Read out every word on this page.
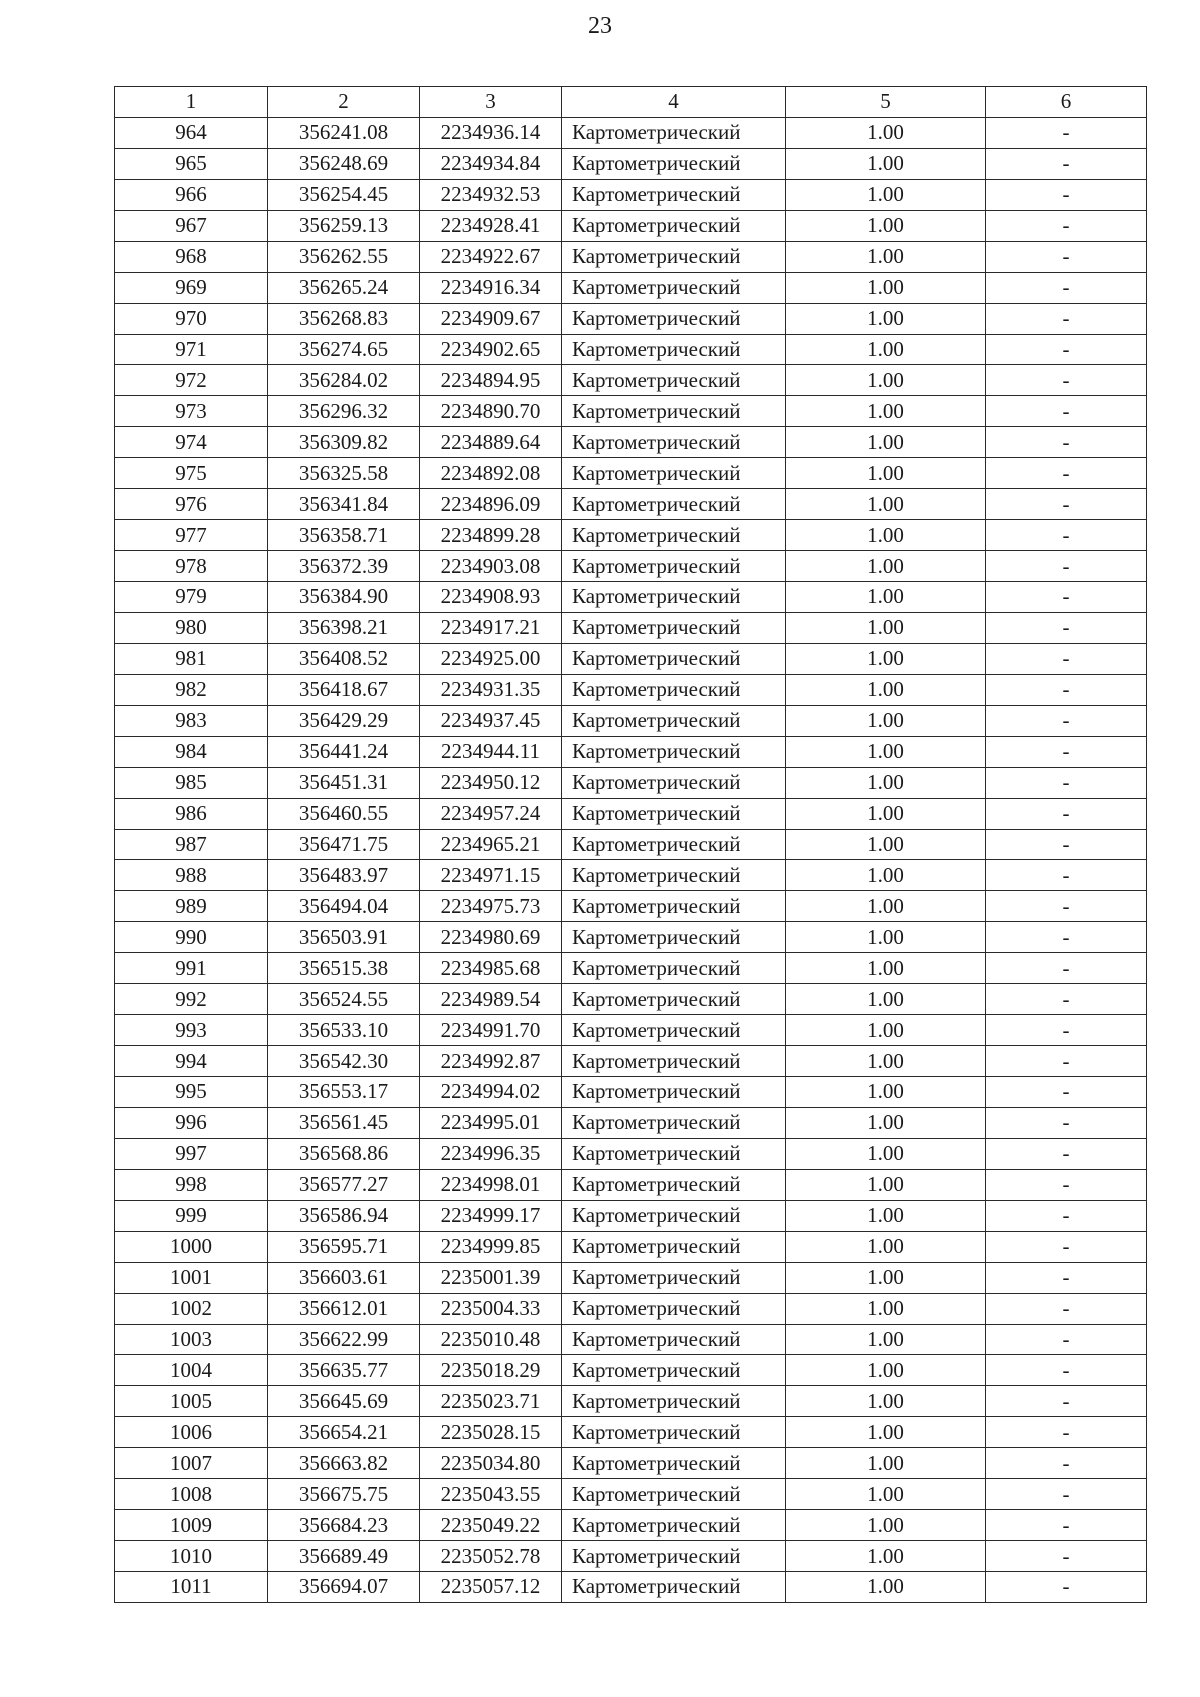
23
1	2	3	4	5	6
964	356241.08	2234936.14	Картометрический	1.00	-
965	356248.69	2234934.84	Картометрический	1.00	-
966	356254.45	2234932.53	Картометрический	1.00	-
967	356259.13	2234928.41	Картометрический	1.00	-
968	356262.55	2234922.67	Картометрический	1.00	-
969	356265.24	2234916.34	Картометрический	1.00	-
970	356268.83	2234909.67	Картометрический	1.00	-
971	356274.65	2234902.65	Картометрический	1.00	-
972	356284.02	2234894.95	Картометрический	1.00	-
973	356296.32	2234890.70	Картометрический	1.00	-
974	356309.82	2234889.64	Картометрический	1.00	-
975	356325.58	2234892.08	Картометрический	1.00	-
976	356341.84	2234896.09	Картометрический	1.00	-
977	356358.71	2234899.28	Картометрический	1.00	-
978	356372.39	2234903.08	Картометрический	1.00	-
979	356384.90	2234908.93	Картометрический	1.00	-
980	356398.21	2234917.21	Картометрический	1.00	-
981	356408.52	2234925.00	Картометрический	1.00	-
982	356418.67	2234931.35	Картометрический	1.00	-
983	356429.29	2234937.45	Картометрический	1.00	-
984	356441.24	2234944.11	Картометрический	1.00	-
985	356451.31	2234950.12	Картометрический	1.00	-
986	356460.55	2234957.24	Картометрический	1.00	-
987	356471.75	2234965.21	Картометрический	1.00	-
988	356483.97	2234971.15	Картометрический	1.00	-
989	356494.04	2234975.73	Картометрический	1.00	-
990	356503.91	2234980.69	Картометрический	1.00	-
991	356515.38	2234985.68	Картометрический	1.00	-
992	356524.55	2234989.54	Картометрический	1.00	-
993	356533.10	2234991.70	Картометрический	1.00	-
994	356542.30	2234992.87	Картометрический	1.00	-
995	356553.17	2234994.02	Картометрический	1.00	-
996	356561.45	2234995.01	Картометрический	1.00	-
997	356568.86	2234996.35	Картометрический	1.00	-
998	356577.27	2234998.01	Картометрический	1.00	-
999	356586.94	2234999.17	Картометрический	1.00	-
1000	356595.71	2234999.85	Картометрический	1.00	-
1001	356603.61	2235001.39	Картометрический	1.00	-
1002	356612.01	2235004.33	Картометрический	1.00	-
1003	356622.99	2235010.48	Картометрический	1.00	-
1004	356635.77	2235018.29	Картометрический	1.00	-
1005	356645.69	2235023.71	Картометрический	1.00	-
1006	356654.21	2235028.15	Картометрический	1.00	-
1007	356663.82	2235034.80	Картометрический	1.00	-
1008	356675.75	2235043.55	Картометрический	1.00	-
1009	356684.23	2235049.22	Картометрический	1.00	-
1010	356689.49	2235052.78	Картометрический	1.00	-
1011	356694.07	2235057.12	Картометрический	1.00	-
